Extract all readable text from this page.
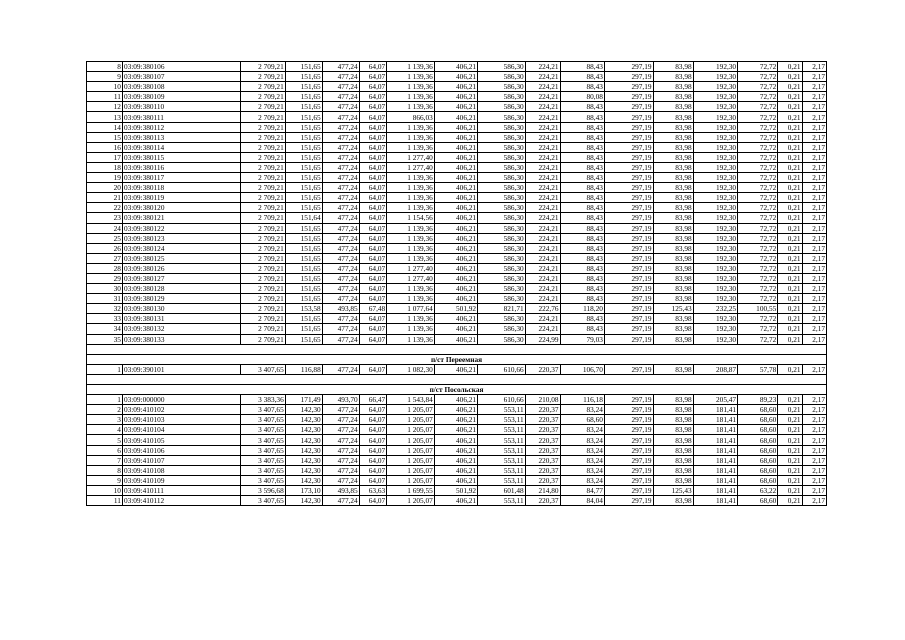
8	03:09:380106	2 709,21	151,65	477,24	64,07	1 139,36	406,21	586,30	224,21	88,43	297,19	83,98	192,30	72,72	0,21	2,17
9	03:09:380107	2 709,21	151,65	477,24	64,07	1 139,36	406,21	586,30	224,21	88,43	297,19	83,98	192,30	72,72	0,21	2,17
10	03:09:380108	2 709,21	151,65	477,24	64,07	1 139,36	406,21	586,30	224,21	88,43	297,19	83,98	192,30	72,72	0,21	2,17
11	03:09:380109	2 709,21	151,65	477,24	64,07	1 139,36	406,21	586,30	224,21	80,08	297,19	83,98	192,30	72,72	0,21	2,17
12	03:09:380110	2 709,21	151,65	477,24	64,07	1 139,36	406,21	586,30	224,21	88,43	297,19	83,98	192,30	72,72	0,21	2,17
13	03:09:380111	2 709,21	151,65	477,24	64,07	866,03	406,21	586,30	224,21	88,43	297,19	83,98	192,30	72,72	0,21	2,17
14	03:09:380112	2 709,21	151,65	477,24	64,07	1 139,36	406,21	586,30	224,21	88,43	297,19	83,98	192,30	72,72	0,21	2,17
15	03:09:380113	2 709,21	151,65	477,24	64,07	1 139,36	406,21	586,30	224,21	88,43	297,19	83,98	192,30	72,72	0,21	2,17
16	03:09:380114	2 709,21	151,65	477,24	64,07	1 139,36	406,21	586,30	224,21	88,43	297,19	83,98	192,30	72,72	0,21	2,17
17	03:09:380115	2 709,21	151,65	477,24	64,07	1 277,40	406,21	586,30	224,21	88,43	297,19	83,98	192,30	72,72	0,21	2,17
18	03:09:380116	2 709,21	151,65	477,24	64,07	1 277,40	406,21	586,30	224,21	88,43	297,19	83,98	192,30	72,72	0,21	2,17
19	03:09:380117	2 709,21	151,65	477,24	64,07	1 139,36	406,21	586,30	224,21	88,43	297,19	83,98	192,30	72,72	0,21	2,17
20	03:09:380118	2 709,21	151,65	477,24	64,07	1 139,36	406,21	586,30	224,21	88,43	297,19	83,98	192,30	72,72	0,21	2,17
21	03:09:380119	2 709,21	151,65	477,24	64,07	1 139,36	406,21	586,30	224,21	88,43	297,19	83,98	192,30	72,72	0,21	2,17
22	03:09:380120	2 709,21	151,65	477,24	64,07	1 139,36	406,21	586,30	224,21	88,43	297,19	83,98	192,30	72,72	0,21	2,17
23	03:09:380121	2 709,21	151,64	477,24	64,07	1 154,56	406,21	586,30	224,21	88,43	297,19	83,98	192,30	72,72	0,21	2,17
24	03:09:380122	2 709,21	151,65	477,24	64,07	1 139,36	406,21	586,30	224,21	88,43	297,19	83,98	192,30	72,72	0,21	2,17
25	03:09:380123	2 709,21	151,65	477,24	64,07	1 139,36	406,21	586,30	224,21	88,43	297,19	83,98	192,30	72,72	0,21	2,17
26	03:09:380124	2 709,21	151,65	477,24	64,07	1 139,36	406,21	586,30	224,21	88,43	297,19	83,98	192,30	72,72	0,21	2,17
27	03:09:380125	2 709,21	151,65	477,24	64,07	1 139,36	406,21	586,30	224,21	88,43	297,19	83,98	192,30	72,72	0,21	2,17
28	03:09:380126	2 709,21	151,65	477,24	64,07	1 277,40	406,21	586,30	224,21	88,43	297,19	83,98	192,30	72,72	0,21	2,17
29	03:09:380127	2 709,21	151,65	477,24	64,07	1 277,40	406,21	586,30	224,21	88,43	297,19	83,98	192,30	72,72	0,21	2,17
30	03:09:380128	2 709,21	151,65	477,24	64,07	1 139,36	406,21	586,30	224,21	88,43	297,19	83,98	192,30	72,72	0,21	2,17
31	03:09:380129	2 709,21	151,65	477,24	64,07	1 139,36	406,21	586,30	224,21	88,43	297,19	83,98	192,30	72,72	0,21	2,17
32	03:09:380130	2 709,21	153,58	493,85	67,48	1 077,64	501,92	821,71	222,76	118,20	297,19	125,43	232,25	100,55	0,21	2,17
33	03:09:380131	2 709,21	151,65	477,24	64,07	1 139,36	406,21	586,30	224,21	88,43	297,19	83,98	192,30	72,72	0,21	2,17
34	03:09:380132	2 709,21	151,65	477,24	64,07	1 139,36	406,21	586,30	224,21	88,43	297,19	83,98	192,30	72,72	0,21	2,17
35	03:09:380133	2 709,21	151,65	477,24	64,07	1 139,36	406,21	586,30	224,99	79,03	297,19	83,98	192,30	72,72	0,21	2,17

п/ст Переемная																
1	03:09:390101	3 407,65	116,88	477,24	64,07	1 082,30	406,21	610,66	220,37	106,70	297,19	83,98	208,87	57,78	0,21	2,17

п/ст Посольская																
1	03:09:000000	3 383,36	171,49	493,70	66,47	1 543,84	406,21	610,66	210,08	116,18	297,19	83,98	205,47	89,23	0,21	2,17
2	03:09:410102	3 407,65	142,30	477,24	64,07	1 205,07	406,21	553,11	220,37	83,24	297,19	83,98	181,41	68,60	0,21	2,17
3	03:09:410103	3 407,65	142,30	477,24	64,07	1 205,07	406,21	553,11	220,37	68,60	297,19	83,98	181,41	68,60	0,21	2,17
4	03:09:410104	3 407,65	142,30	477,24	64,07	1 205,07	406,21	553,11	220,37	83,24	297,19	83,98	181,41	68,60	0,21	2,17
5	03:09:410105	3 407,65	142,30	477,24	64,07	1 205,07	406,21	553,11	220,37	83,24	297,19	83,98	181,41	68,60	0,21	2,17
6	03:09:410106	3 407,65	142,30	477,24	64,07	1 205,07	406,21	553,11	220,37	83,24	297,19	83,98	181,41	68,60	0,21	2,17
7	03:09:410107	3 407,65	142,30	477,24	64,07	1 205,07	406,21	553,11	220,37	83,24	297,19	83,98	181,41	68,60	0,21	2,17
8	03:09:410108	3 407,65	142,30	477,24	64,07	1 205,07	406,21	553,11	220,37	83,24	297,19	83,98	181,41	68,60	0,21	2,17
9	03:09:410109	3 407,65	142,30	477,24	64,07	1 205,07	406,21	553,11	220,37	83,24	297,19	83,98	181,41	68,60	0,21	2,17
10	03:09:410111	3 596,68	173,10	493,85	63,63	1 699,55	501,92	601,48	214,80	84,77	297,19	125,43	181,41	63,22	0,21	2,17
11	03:09:410112	3 407,65	142,30	477,24	64,07	1 205,07	406,21	553,11	220,37	84,04	297,19	83,98	181,41	68,60	0,21	2,17
